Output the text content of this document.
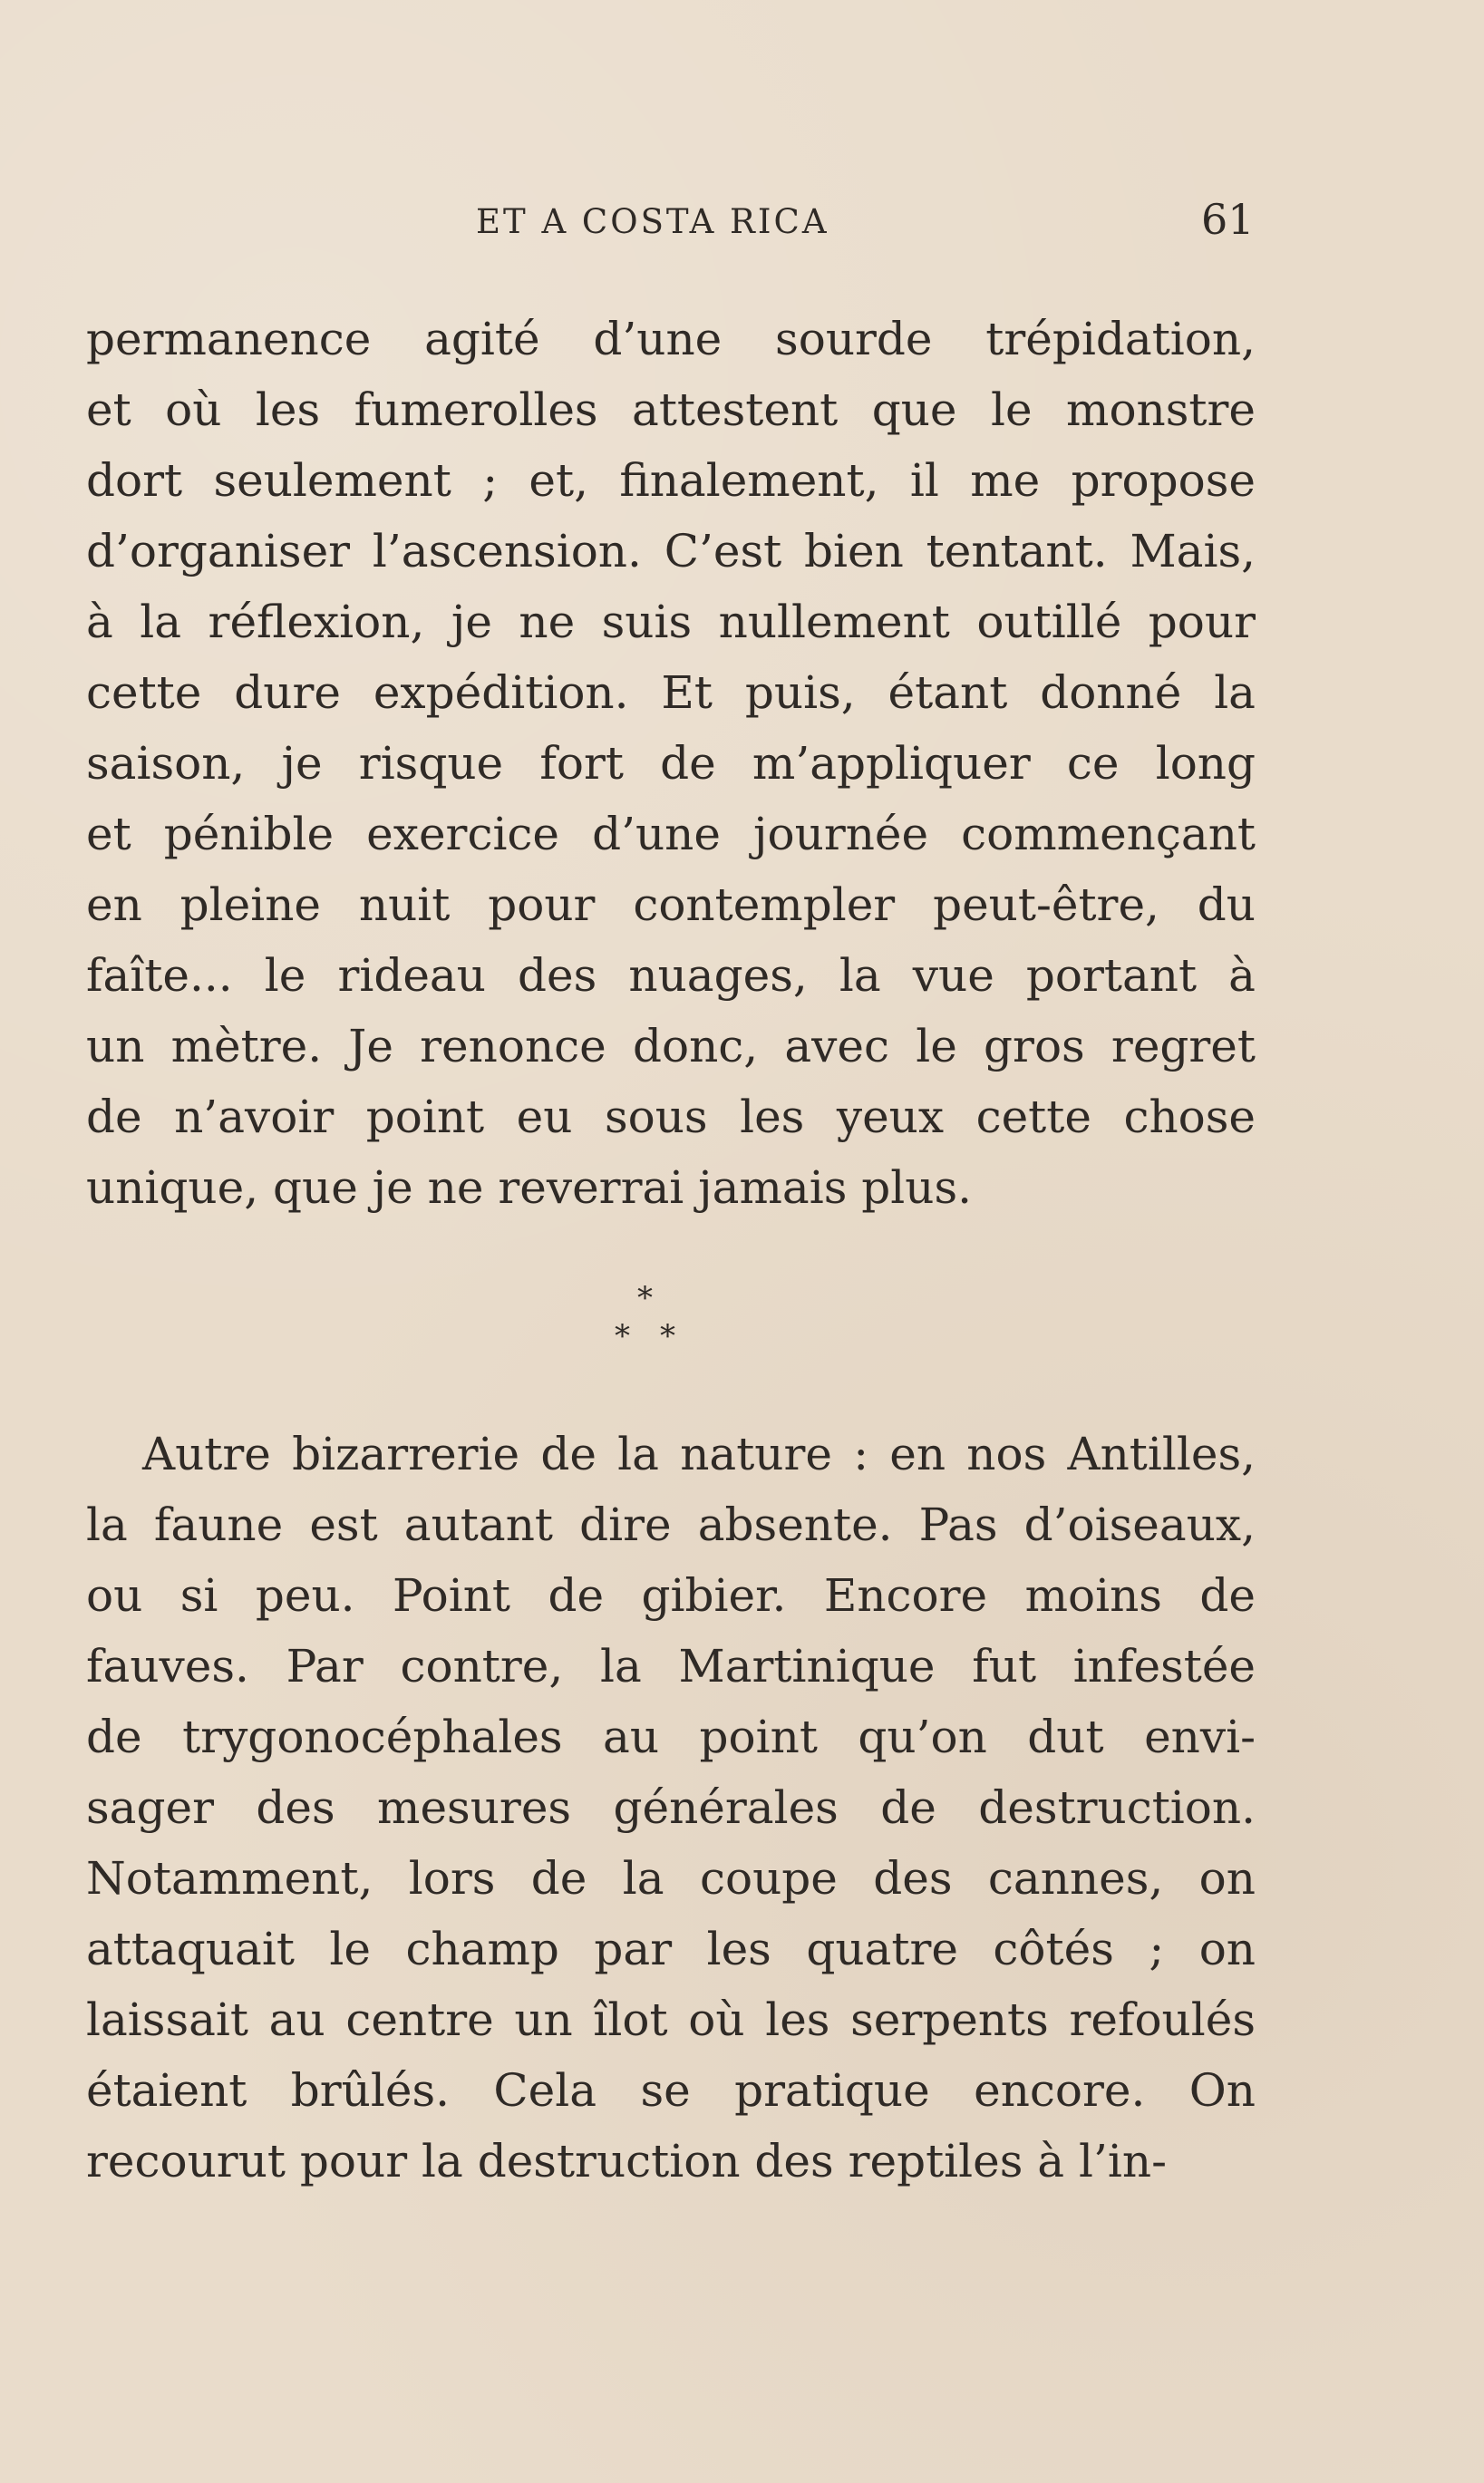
ET A COSTA RICA	61
permanence agité d’une sourde trépidation,
et où les fumerolles attestent que le monstre
dort seulement ; et, finalement, il me propose
d’organiser l’ascension. C’est bien tentant. Mais,
à la réflexion, je ne suis nullement outillé pour
cette dure expédition. Et puis, étant donné la
saison, je risque fort de m’appliquer ce long
et pénible exercice d’une journée commençant
en pleine nuit pour contempler peut-être, du
faîte... le rideau des nuages, la vue portant à
un mètre. Je renonce donc, avec le gros regret
de n’avoir point eu sous les yeux cette chose
unique, que je ne reverrai jamais plus.
*
* *
Autre bizarrerie de la nature : en nos Antilles,
la faune est autant dire absente. Pas d’oiseaux,
ou si peu. Point de gibier. Encore moins de
fauves. Par contre, la Martinique fut infestée
de trygonocéphales au point qu’on dut envi-
sager des mesures générales de destruction.
Notamment, lors de la coupe des cannes, on
attaquait le champ par les quatre côtés ; on
laissait au centre un îlot où les serpents refoulés
étaient brûlés. Cela se pratique encore. On
recourut pour la destruction des reptiles à l’in-
